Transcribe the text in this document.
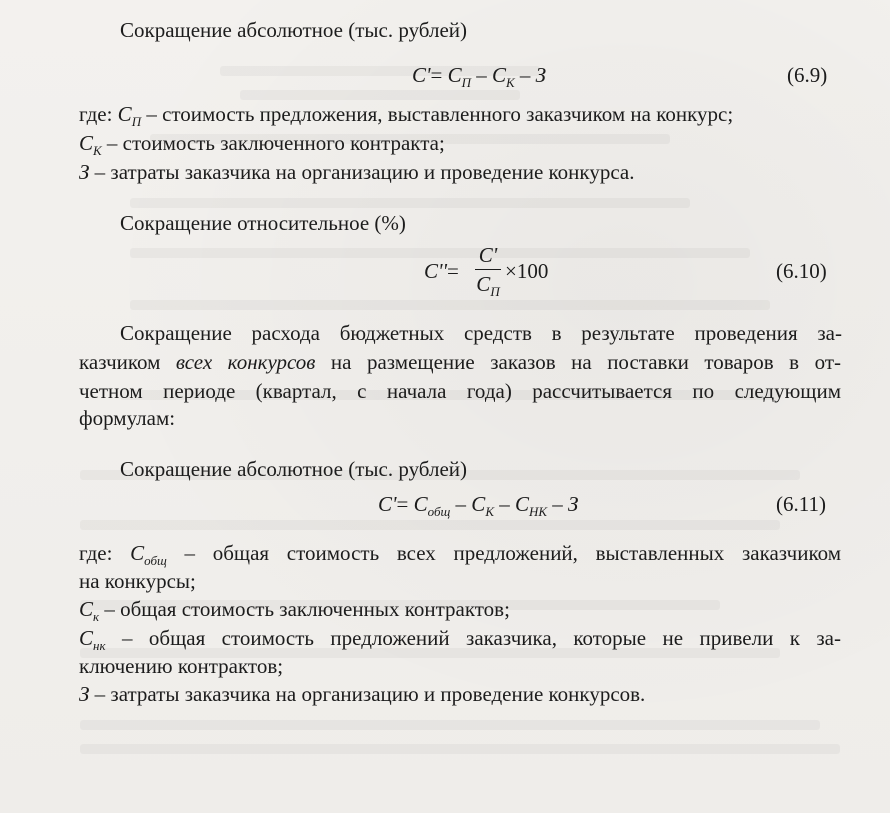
Сокращение абсолютное (тыс. рублей)
$C'= C_П - C_К - З$	(6.9)
где: $C_П$ – стоимость предложения, выставленного заказчиком на конкурс;
$C_К$ – стоимость заключенного контракта;
З – затраты заказчика на организацию и проведение конкурса.
Сокращение относительное (%)
C''=
C'
$C_П$
×100	(6.10)
Сокращение расхода бюджетных средств в результате проведения за-
казчиком всех конкурсов на размещение заказов на поставки товаров в от-
четном периоде (квартал, с начала года) рассчитывается по следующим
формулам:
Сокращение абсолютное (тыс. рублей)
$C'= C_{общ} - C_К - C_{НК} - З$	(6.11)
где: $C_{общ}$ – общая стоимость всех предложений, выставленных заказчиком
на конкурсы;
$C_к$ – общая стоимость заключенных контрактов;
$C_{нк}$ – общая стоимость предложений заказчика, которые не привели к за-
ключению контрактов;
З – затраты заказчика на организацию и проведение конкурсов.
